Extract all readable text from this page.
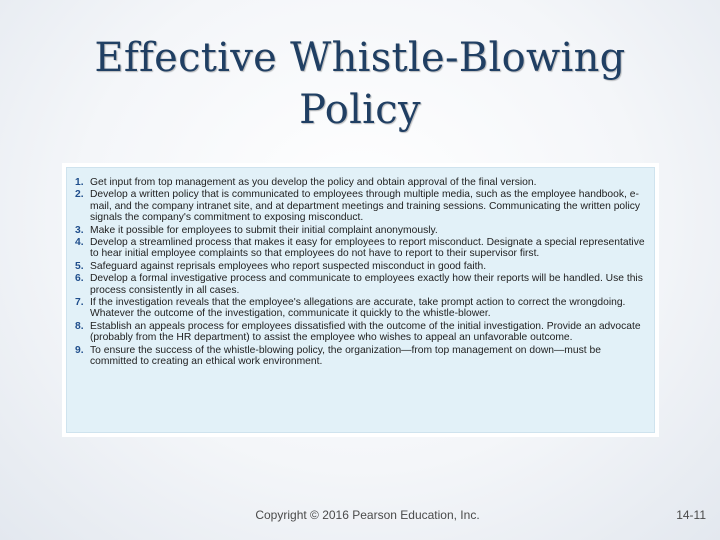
Effective Whistle-Blowing
Policy
1. Get input from top management as you develop the policy and obtain approval of the final version.
2. Develop a written policy that is communicated to employees through multiple media, such as the employee handbook, e-mail, and the company intranet site, and at department meetings and training sessions. Communicating the written policy signals the company's commitment to exposing misconduct.
3. Make it possible for employees to submit their initial complaint anonymously.
4. Develop a streamlined process that makes it easy for employees to report misconduct. Designate a special representative to hear initial employee complaints so that employees do not have to report to their supervisor first.
5. Safeguard against reprisals employees who report suspected misconduct in good faith.
6. Develop a formal investigative process and communicate to employees exactly how their reports will be handled. Use this process consistently in all cases.
7. If the investigation reveals that the employee's allegations are accurate, take prompt action to correct the wrongdoing. Whatever the outcome of the investigation, communicate it quickly to the whistle-blower.
8. Establish an appeals process for employees dissatisfied with the outcome of the initial investigation. Provide an advocate (probably from the HR department) to assist the employee who wishes to appeal an unfavorable outcome.
9. To ensure the success of the whistle-blowing policy, the organization—from top management on down—must be committed to creating an ethical work environment.
Copyright © 2016 Pearson Education, Inc.	14-11
